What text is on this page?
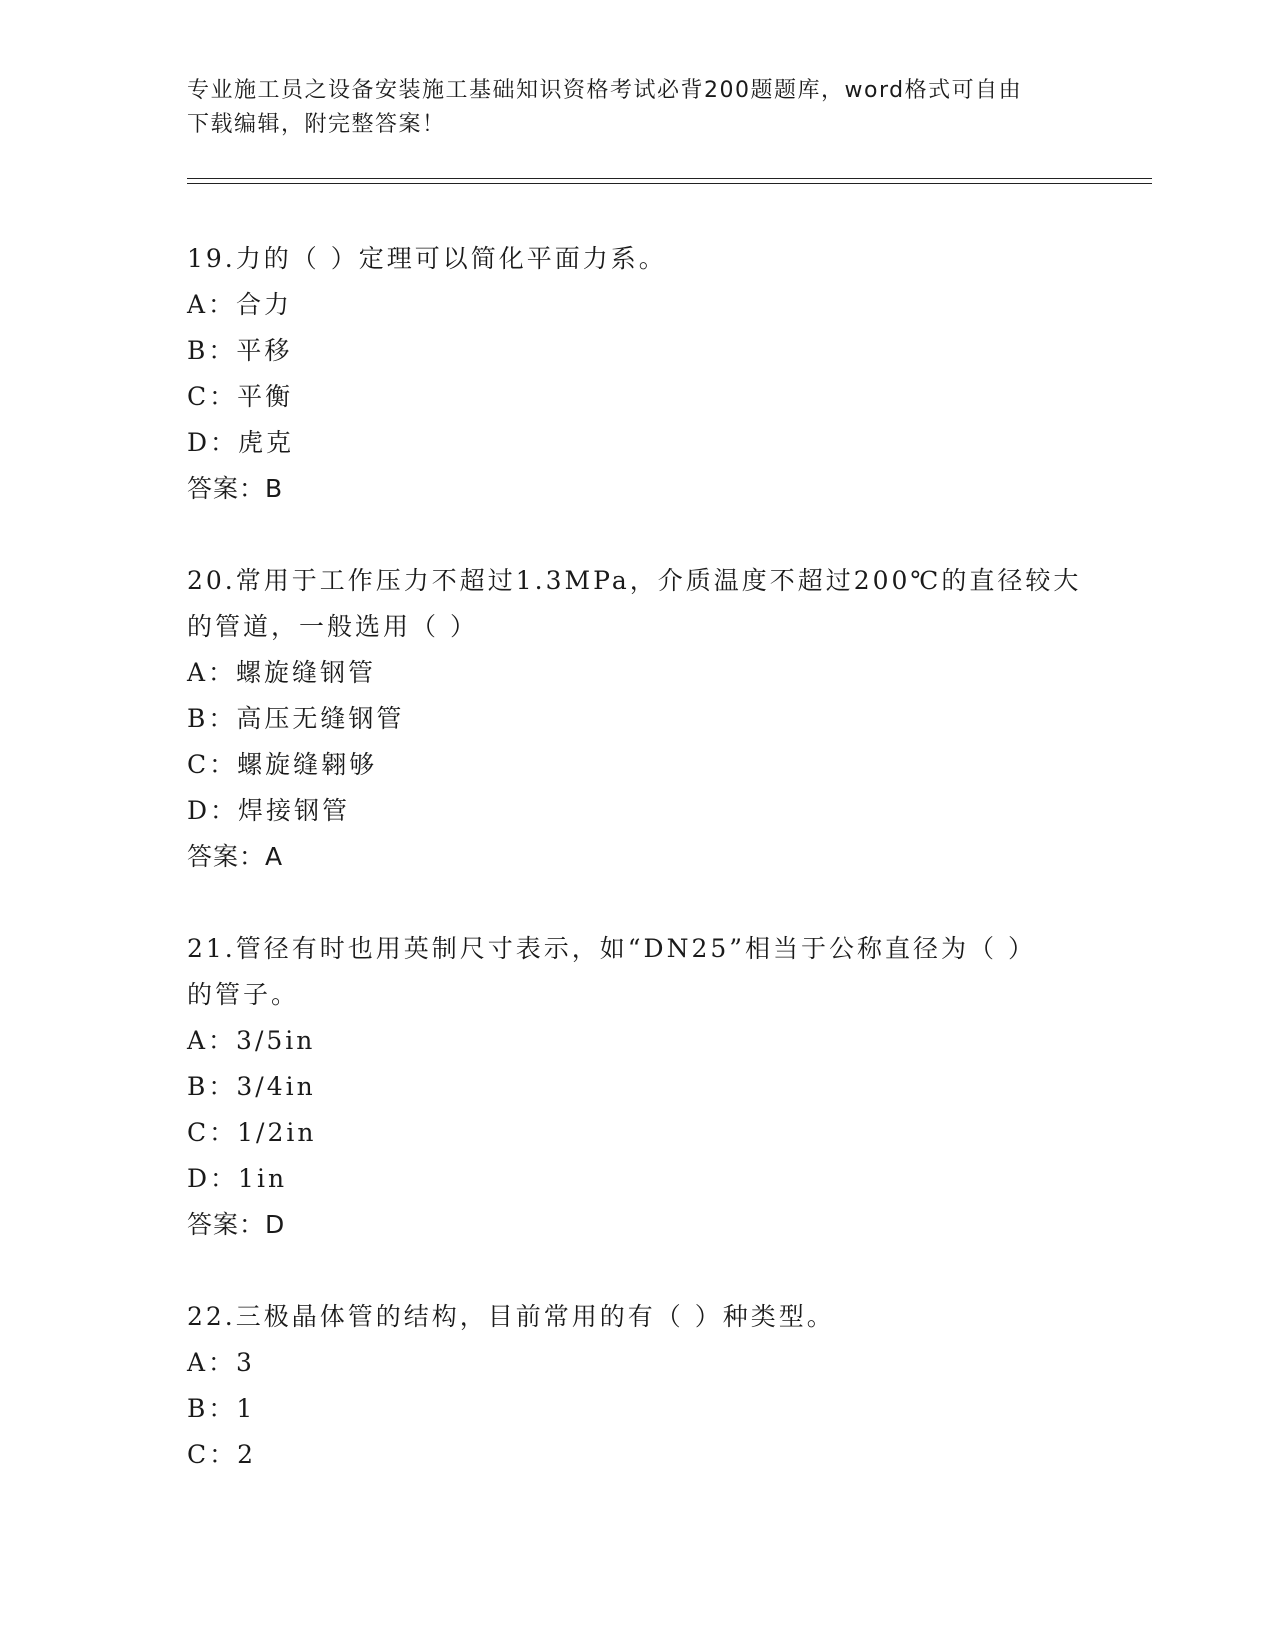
专业施工员之设备安装施工基础知识资格考试必背200题题库，word格式可自由
下载编辑，附完整答案！
19.力的（ ）定理可以简化平面力系。
A：合力
B：平移
C：平衡
D：虎克
答案：B
20.常用于工作压力不超过1.3MPa，介质温度不超过200℃的直径较大
的管道，一般选用（ ）
A：螺旋缝钢管
B：高压无缝钢管
C：螺旋缝翱够
D：焊接钢管
答案：A
21.管径有时也用英制尺寸表示，如“DN25”相当于公称直径为（ ）
的管子。
A：3/5in
B：3/4in
C：1/2in
D：1in
答案：D
22.三极晶体管的结构，目前常用的有（ ）种类型。
A：3
B：1
C：2
